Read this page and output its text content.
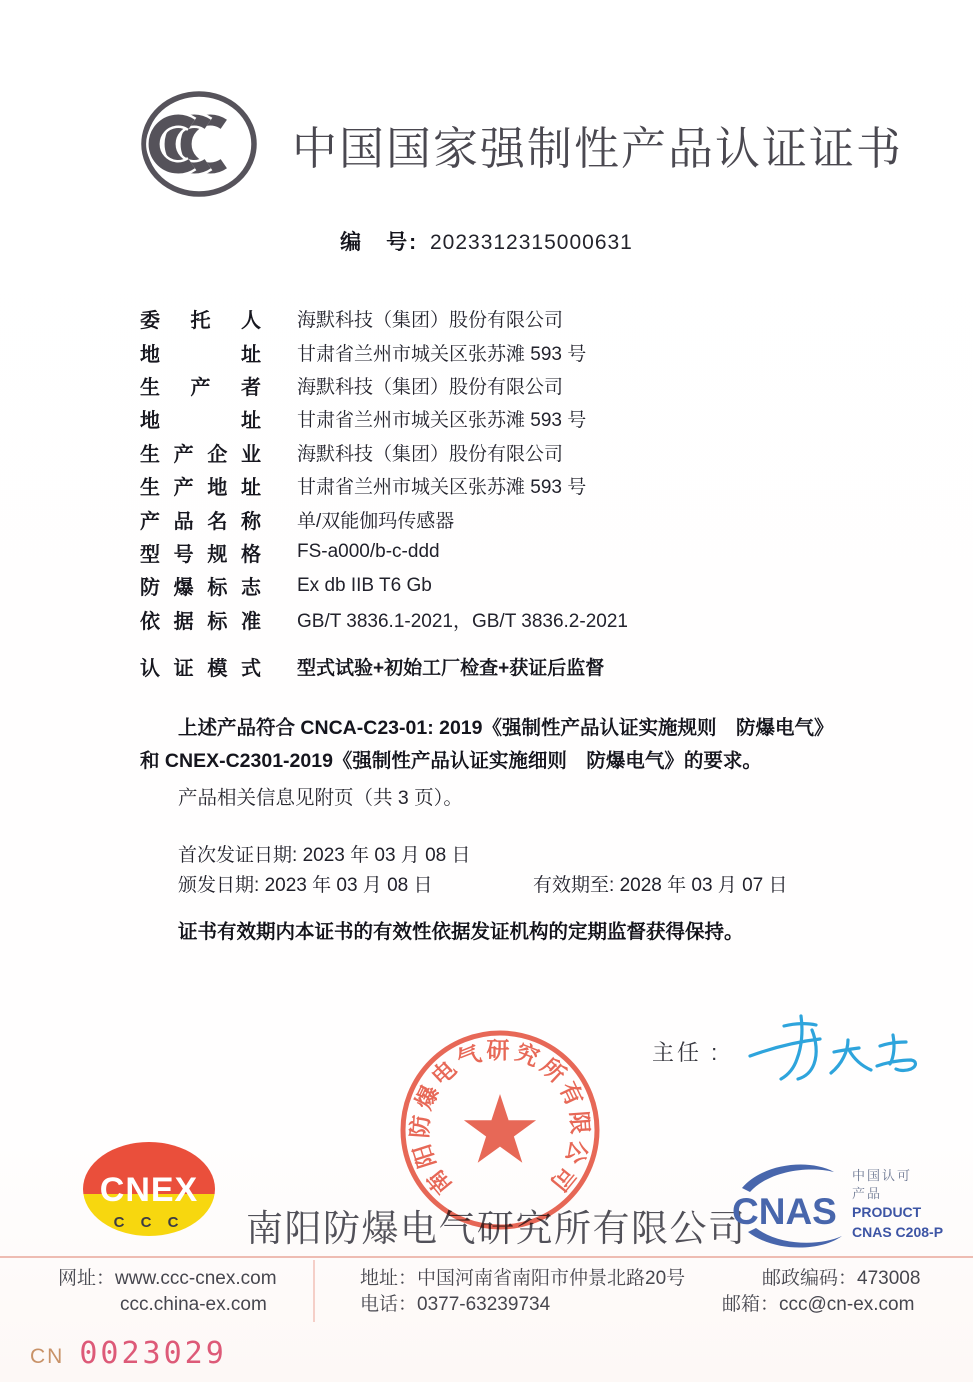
中国国家强制性产品认证证书
编　号: 2023312315000631
委托人 海默科技（集团）股份有限公司
地址 甘肃省兰州市城关区张苏滩 593 号
生产者 海默科技（集团）股份有限公司
地址 甘肃省兰州市城关区张苏滩 593 号
生产企业 海默科技（集团）股份有限公司
生产地址 甘肃省兰州市城关区张苏滩 593 号
产品名称 单/双能伽玛传感器
型号规格 FS-a000/b-c-ddd
防爆标志 Ex db IIB T6 Gb
依据标准 GB/T 3836.1-2021，GB/T 3836.2-2021
认证模式 型式试验+初始工厂检查+获证后监督
上述产品符合 CNCA-C23-01: 2019《强制性产品认证实施规则　防爆电气》
和 CNEX-C2301-2019《强制性产品认证实施细则　防爆电气》的要求。
产品相关信息见附页（共 3 页）。
首次发证日期: 2023 年 03 月 08 日
颁发日期: 2023 年 03 月 08 日	有效期至: 2028 年 03 月 07 日
证书有效期内本证书的有效性依据发证机构的定期监督获得保持。
主任 :
南阳防爆电气研究所有限公司
南阳防爆电气研究所有限公司
CNEX
C C C	CNAS
中国认可
产品
PRODUCT
CNAS C208-P
网址：www.ccc-cnex.com
ccc.china-ex.com
地址：中国河南省南阳市仲景北路20号
电话：0377-63239734
邮政编码：473008
邮箱：ccc@cn-ex.com
CN 0023029
